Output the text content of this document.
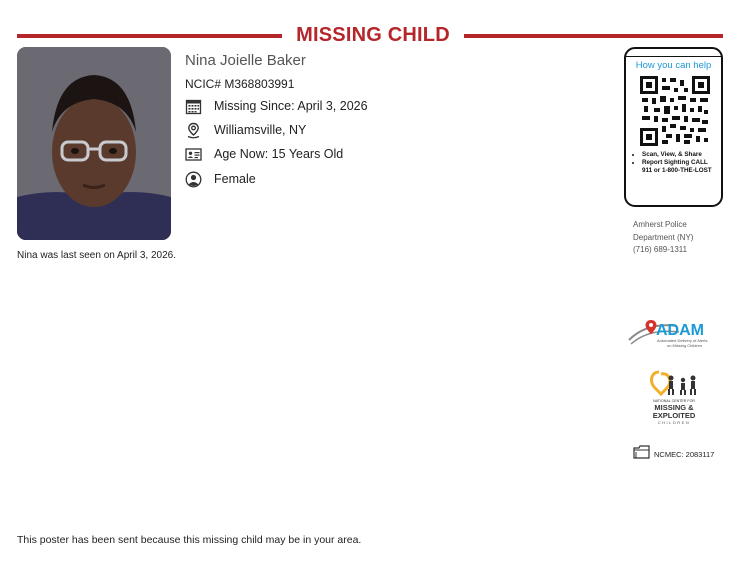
MISSING CHILD
Nina Joielle Baker
NCIC# M368803991
Missing Since: April 3, 2026
Williamsville, NY
Age Now: 15 Years Old
Female
Nina was last seen on April 3, 2026.
How you can help
• Scan, View, & Share
• Report Sighting CALL 911 or 1-800-THE-LOST
Amherst Police Department (NY)
(716) 689-1311
ADAM
Automated Delivery of Alerts
on Missing Children
NATIONAL CENTER FOR
MISSING &
EXPLOITED
CHILDREN
NCMEC: 2083117
This poster has been sent because this missing child may be in your area.
